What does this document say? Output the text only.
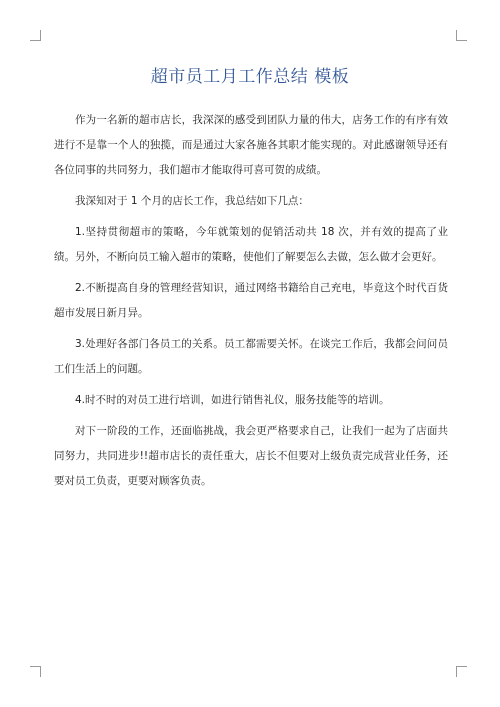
超市员工月工作总结 模板

作为一名新的超市店长，我深深的感受到团队力量的伟大，店务工作的有序有效进行不是靠一个人的独揽，而是通过大家各施各其职才能实现的。对此感谢领导还有各位同事的共同努力，我们超市才能取得可喜可贺的成绩。

我深知对于 1 个月的店长工作，我总结如下几点：

1.坚持贯彻超市的策略，今年就策划的促销活动共 18 次，并有效的提高了业绩。另外，不断向员工输入超市的策略，使他们了解要怎么去做，怎么做才会更好。

2.不断提高自身的管理经营知识，通过网络书籍给自己充电，毕竟这个时代百货超市发展日新月异。

3.处理好各部门各员工的关系。员工都需要关怀。在谈完工作后，我都会问问员工们生活上的问题。

4.时不时的对员工进行培训，如进行销售礼仪，服务技能等的培训。

对下一阶段的工作，还面临挑战，我会更严格要求自己，让我们一起为了店面共同努力，共同进步!!超市店长的责任重大，店长不但要对上级负责完成营业任务，还要对员工负责，更要对顾客负责。
